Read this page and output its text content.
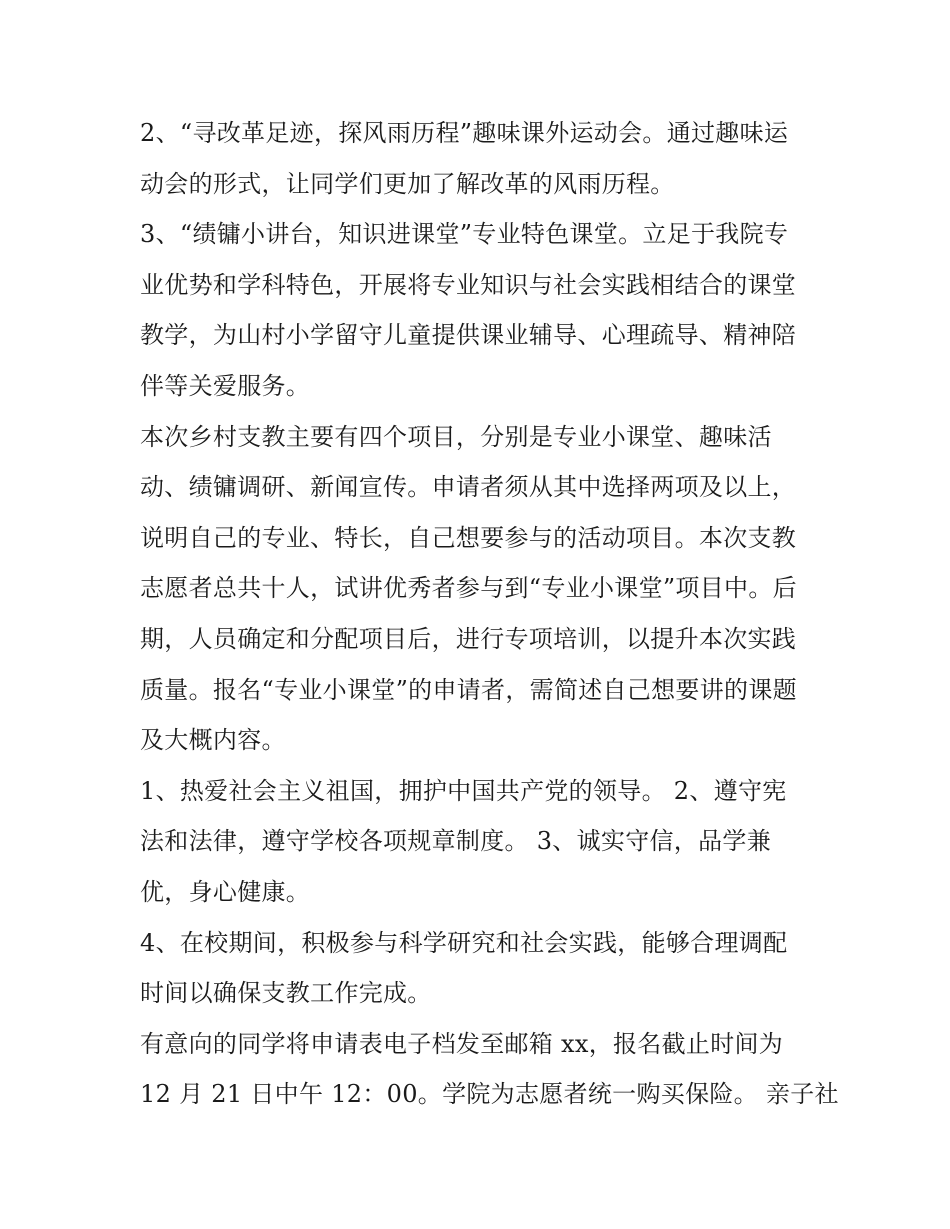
2、“寻改革足迹，探风雨历程”趣味课外运动会。通过趣味运
动会的形式，让同学们更加了解改革的风雨历程。
3、“绩镛小讲台，知识进课堂”专业特色课堂。立足于我院专
业优势和学科特色，开展将专业知识与社会实践相结合的课堂
教学，为山村小学留守儿童提供课业辅导、心理疏导、精神陪
伴等关爱服务。
本次乡村支教主要有四个项目，分别是专业小课堂、趣味活
动、绩镛调研、新闻宣传。申请者须从其中选择两项及以上，
说明自己的专业、特长，自己想要参与的活动项目。本次支教
志愿者总共十人，试讲优秀者参与到“专业小课堂”项目中。后
期，人员确定和分配项目后，进行专项培训，以提升本次实践
质量。报名“专业小课堂”的申请者，需简述自己想要讲的课题
及大概内容。
1、热爱社会主义祖国，拥护中国共产党的领导。 2、遵守宪
法和法律，遵守学校各项规章制度。 3、诚实守信，品学兼
优，身心健康。
4、在校期间，积极参与科学研究和社会实践，能够合理调配
时间以确保支教工作完成。
有意向的同学将申请表电子档发至邮箱 xx，报名截止时间为
12 月 21 日中午 12：00。学院为志愿者统一购买保险。 亲子社
